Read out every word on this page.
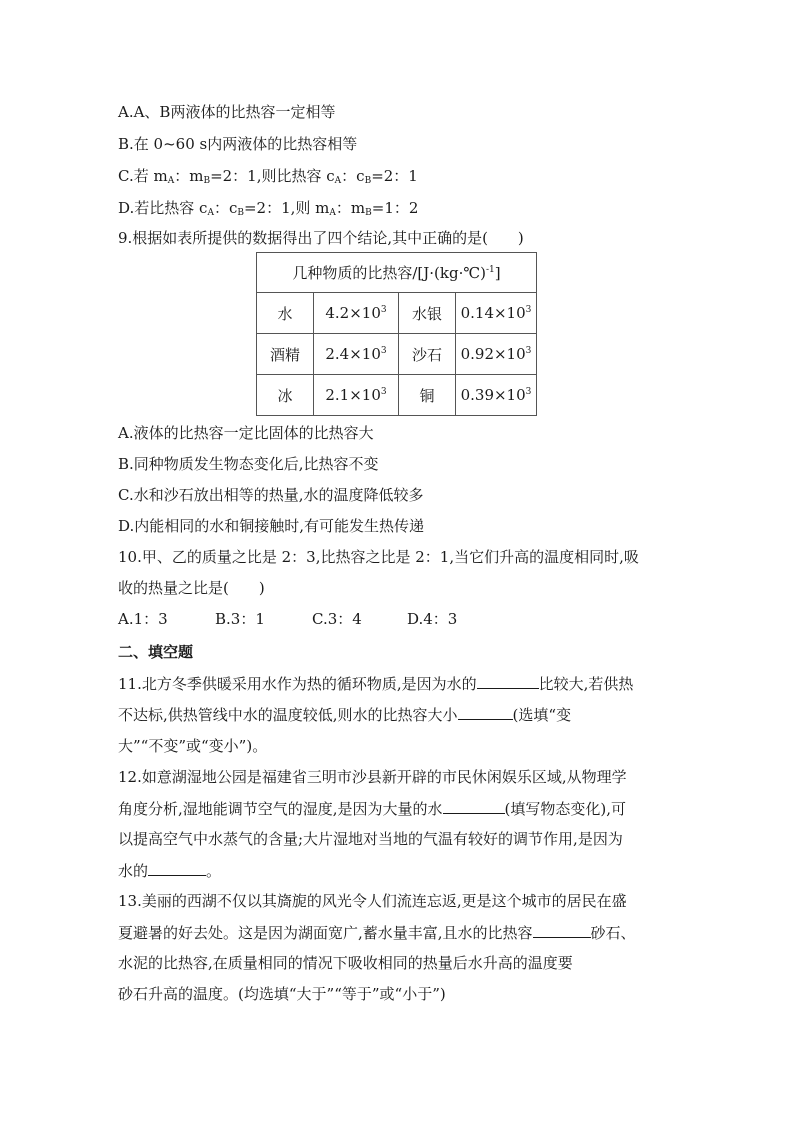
A.A、B两液体的比热容一定相等
B.在 0~60 s内两液体的比热容相等
C.若 $m_A$：$m_B=2$：1,则比热容 $c_A$：$c_B=2$：1
D.若比热容 $c_A$：$c_B=2$：1,则 $m_A$：$m_B=1$：2
9.根据如表所提供的数据得出了四个结论,其中正确的是(　　)
几种物质的比热容/[J·(kg·℃)$^{-1}$]			
水	$4.2\times 10^3$	水银	$0.14\times 10^3$
酒精	$2.4\times 10^3$	沙石	$0.92\times 10^3$
冰	$2.1\times 10^3$	铜	$0.39\times 10^3$
A.液体的比热容一定比固体的比热容大
B.同种物质发生物态变化后,比热容不变
C.水和沙石放出相等的热量,水的温度降低较多
D.内能相同的水和铜接触时,有可能发生热传递
10.甲、乙的质量之比是 2：3,比热容之比是 2：1,当它们升高的温度相同时,吸
收的热量之比是(　　)
A.1：3	B.3：1	C.3：4	D.4：3
二、填空题
11.北方冬季供暖采用水作为热的循环物质,是因为水的	比较大,若供热
不达标,供热管线中水的温度较低,则水的比热容大小	(选填“变
大”“不变”或“变小”)。
12.如意湖湿地公园是福建省三明市沙县新开辟的市民休闲娱乐区域,从物理学
角度分析,湿地能调节空气的湿度,是因为大量的水	(填写物态变化),可
以提高空气中水蒸气的含量;大片湿地对当地的气温有较好的调节作用,是因为
水的	。
13.美丽的西湖不仅以其旖旎的风光令人们流连忘返,更是这个城市的居民在盛
夏避暑的好去处。这是因为湖面宽广,蓄水量丰富,且水的比热容	砂石、
水泥的比热容,在质量相同的情况下吸收相同的热量后水升高的温度要
砂石升高的温度。(均选填“大于”“等于”或“小于”)
